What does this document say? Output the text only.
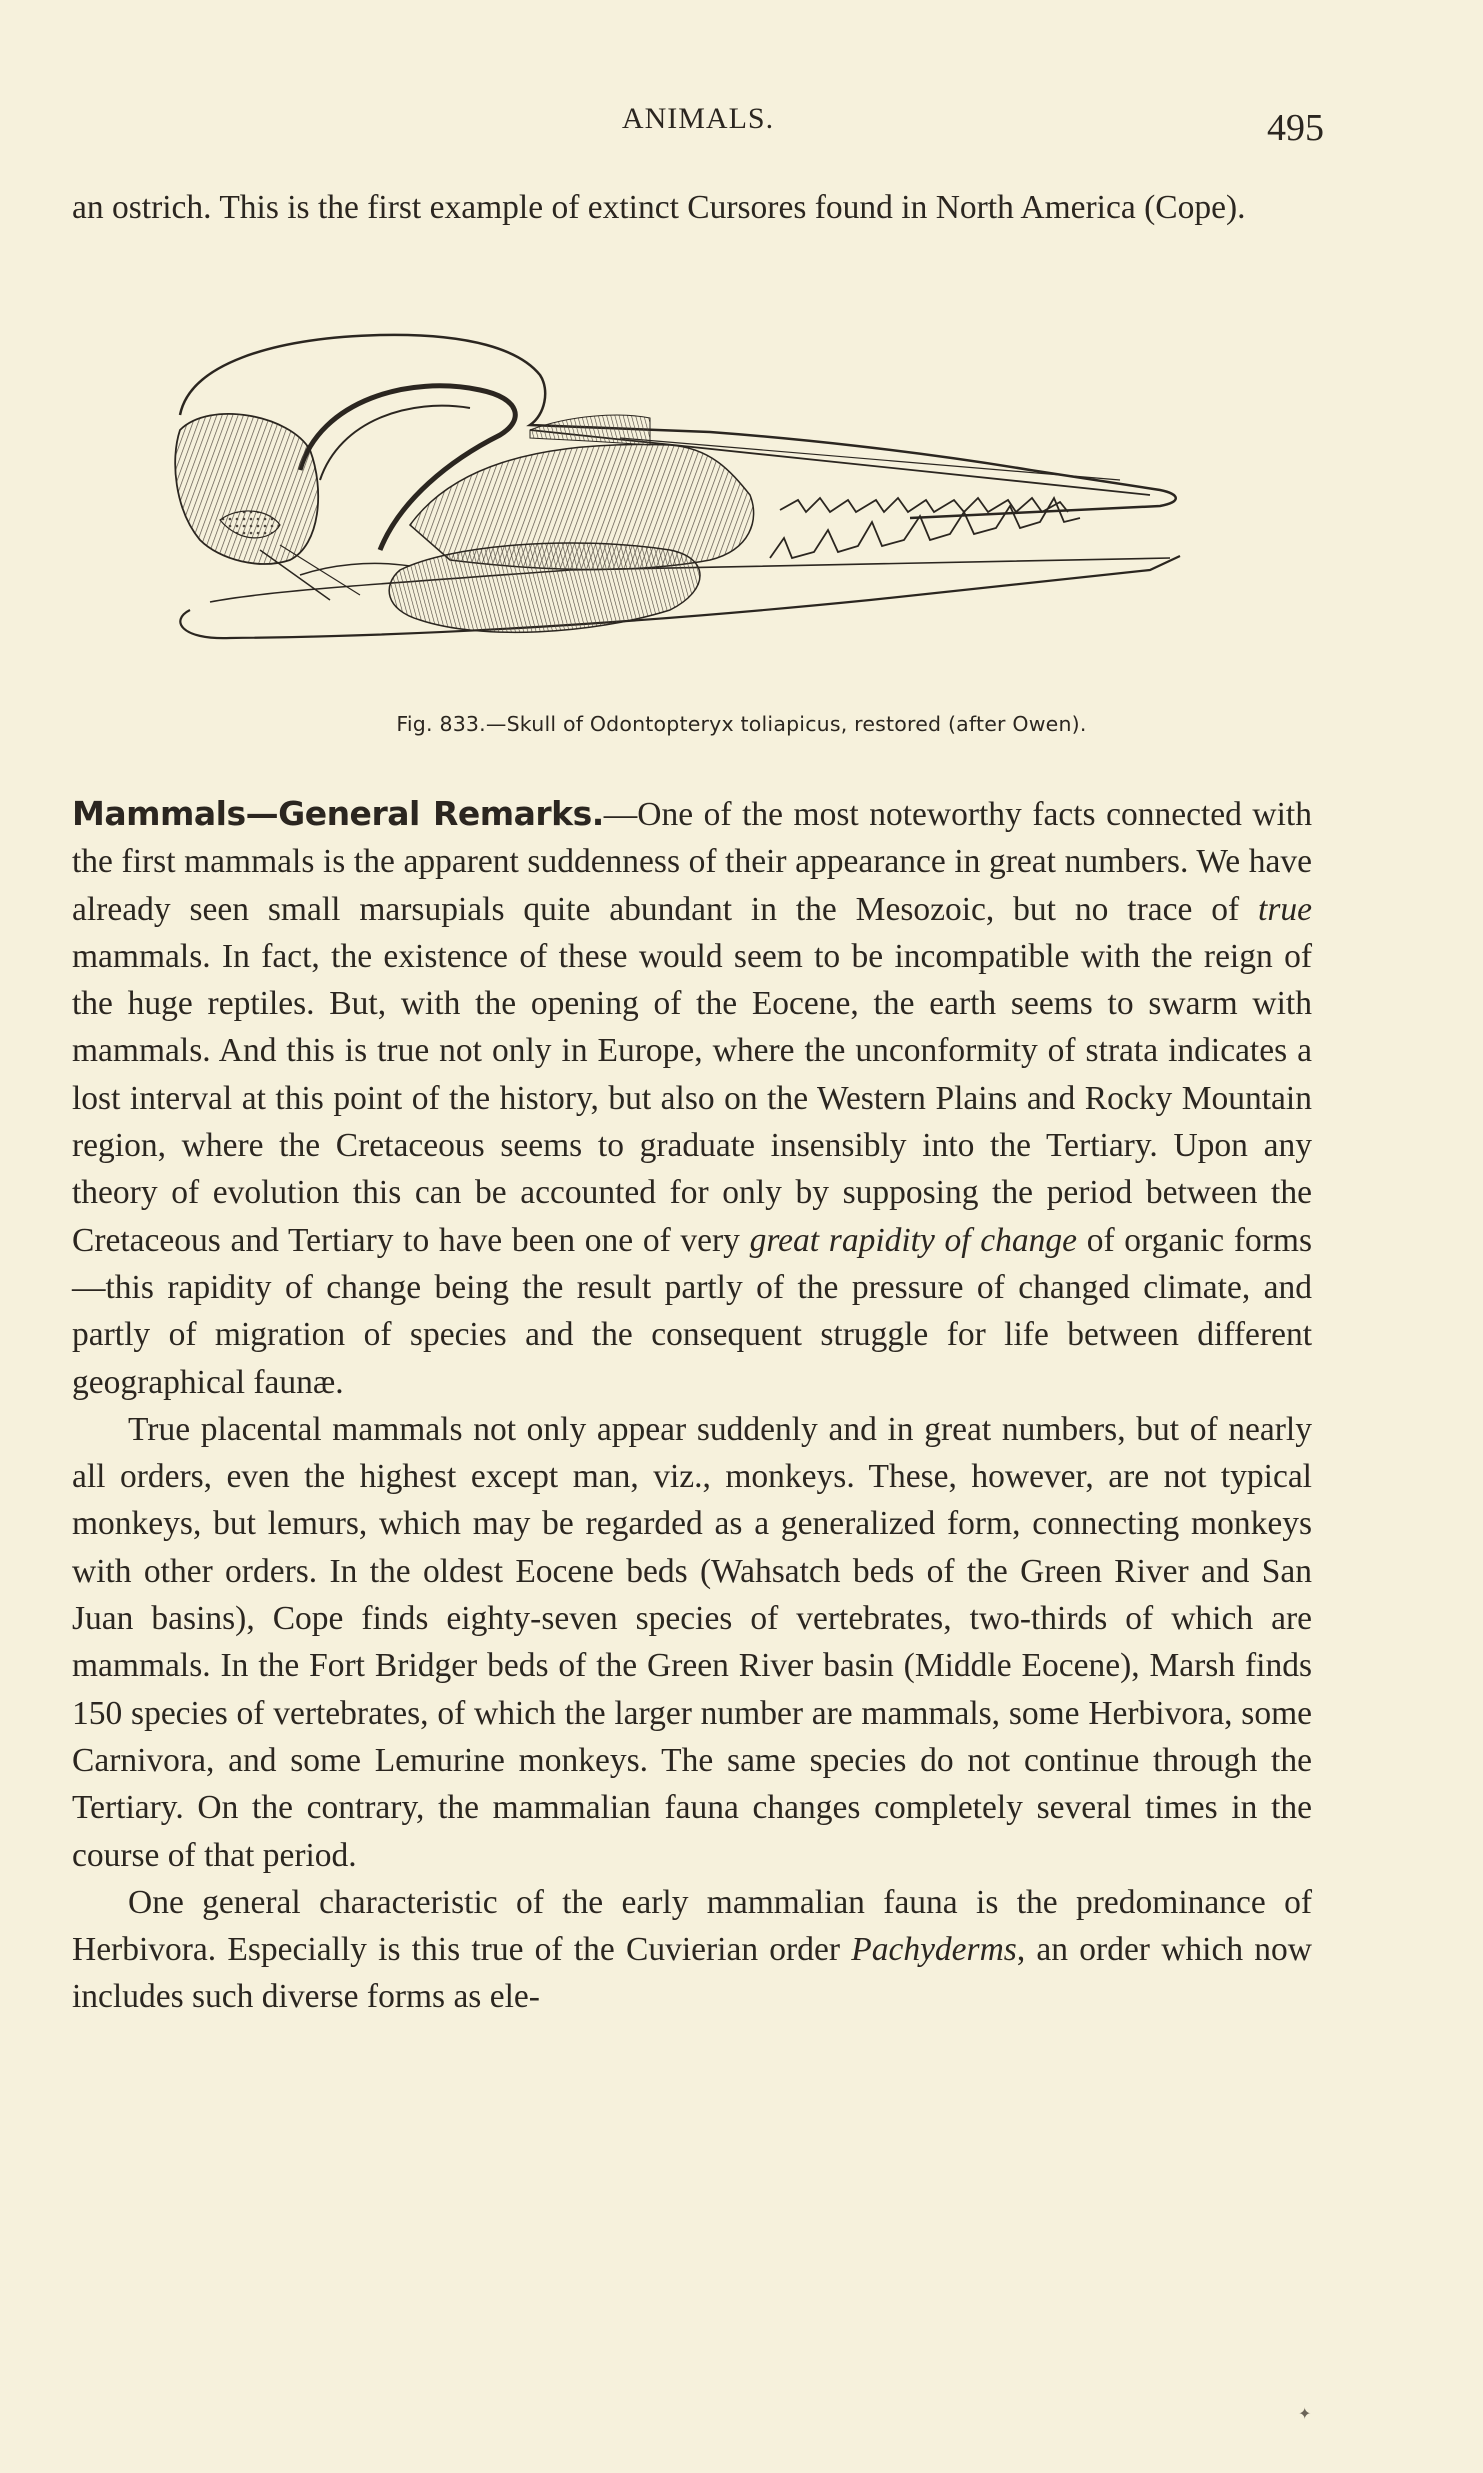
ANIMALS.	495

an ostrich. This is the first example of extinct Cursores found in North America (Cope).

Fig. 833.—Skull of Odontopteryx toliapicus, restored (after Owen).

Mammals—General Remarks.—One of the most noteworthy facts connected with the first mammals is the apparent suddenness of their appearance in great numbers. We have already seen small marsupials quite abundant in the Mesozoic, but no trace of true mammals. In fact, the existence of these would seem to be incompatible with the reign of the huge reptiles. But, with the opening of the Eocene, the earth seems to swarm with mammals. And this is true not only in Europe, where the unconformity of strata indicates a lost interval at this point of the history, but also on the Western Plains and Rocky Mountain region, where the Cretaceous seems to graduate insensibly into the Tertiary. Upon any theory of evolution this can be accounted for only by supposing the period between the Cretaceous and Tertiary to have been one of very great rapidity of change of organic forms—this rapidity of change being the result partly of the pressure of changed climate, and partly of migration of species and the consequent struggle for life between different geographical faunæ.

True placental mammals not only appear suddenly and in great numbers, but of nearly all orders, even the highest except man, viz., monkeys. These, however, are not typical monkeys, but lemurs, which may be regarded as a generalized form, connecting monkeys with other orders. In the oldest Eocene beds (Wahsatch beds of the Green River and San Juan basins), Cope finds eighty-seven species of vertebrates, two-thirds of which are mammals. In the Fort Bridger beds of the Green River basin (Middle Eocene), Marsh finds 150 species of vertebrates, of which the larger number are mammals, some Herbivora, some Carnivora, and some Lemurine monkeys. The same species do not continue through the Tertiary. On the contrary, the mammalian fauna changes completely several times in the course of that period.

One general characteristic of the early mammalian fauna is the predominance of Herbivora. Especially is this true of the Cuvierian order Pachyderms, an order which now includes such diverse forms as ele-

✦
